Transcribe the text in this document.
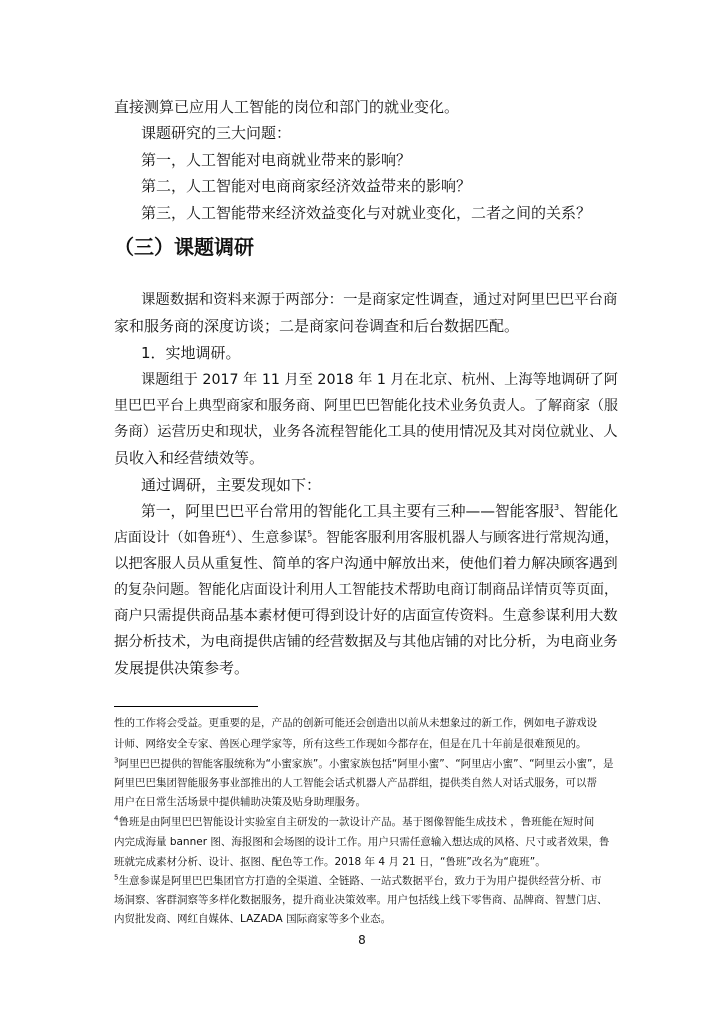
直接测算已应用人工智能的岗位和部门的就业变化。
课题研究的三大问题：
第一，人工智能对电商就业带来的影响？
第二，人工智能对电商商家经济效益带来的影响？
第三，人工智能带来经济效益变化与对就业变化，二者之间的关系？
（三）课题调研
课题数据和资料来源于两部分：一是商家定性调查，通过对阿里巴巴平台商
家和服务商的深度访谈；二是商家问卷调查和后台数据匹配。
1．实地调研。
课题组于 2017 年 11 月至 2018 年 1 月在北京、杭州、上海等地调研了阿
里巴巴平台上典型商家和服务商、阿里巴巴智能化技术业务负责人。了解商家（服
务商）运营历史和现状，业务各流程智能化工具的使用情况及其对岗位就业、人
员收入和经营绩效等。
通过调研，主要发现如下：
第一，阿里巴巴平台常用的智能化工具主要有三种——智能客服$^3$、智能化
店面设计（如鲁班$^4$）、生意参谋$^5$。智能客服利用客服机器人与顾客进行常规沟通，
以把客服人员从重复性、简单的客户沟通中解放出来，使他们着力解决顾客遇到
的复杂问题。智能化店面设计利用人工智能技术帮助电商订制商品详情页等页面，
商户只需提供商品基本素材便可得到设计好的店面宣传资料。生意参谋利用大数
据分析技术，为电商提供店铺的经营数据及与其他店铺的对比分析，为电商业务
发展提供决策参考。
性的工作将会受益。更重要的是，产品的创新可能还会创造出以前从未想象过的新工作，例如电子游戏设
计师、网络安全专家、兽医心理学家等，所有这些工作现如今都存在，但是在几十年前是很难预见的。
$^3$阿里巴巴提供的智能客服统称为“小蜜家族”。小蜜家族包括“阿里小蜜”、“阿里店小蜜”、“阿里云小蜜”，是
阿里巴巴集团智能服务事业部推出的人工智能会话式机器人产品群组，提供类自然人对话式服务，可以帮
用户在日常生活场景中提供辅助决策及贴身助理服务。
$^4$鲁班是由阿里巴巴智能设计实验室自主研发的一款设计产品。基于图像智能生成技术 ，鲁班能在短时间
内完成海量 banner 图、海报图和会场图的设计工作。用户只需任意输入想达成的风格、尺寸或者效果，鲁
班就完成素材分析、设计、抠图、配色等工作。2018 年 4 月 21 日，“鲁班”改名为“鹿班”。
$^5$生意参谋是阿里巴巴集团官方打造的全渠道、全链路、一站式数据平台，致力于为用户提供经营分析、市
场洞察、客群洞察等多样化数据服务，提升商业决策效率。用户包括线上线下零售商、品牌商、智慧门店、
内贸批发商、网红自媒体、LAZADA 国际商家等多个业态。
8
